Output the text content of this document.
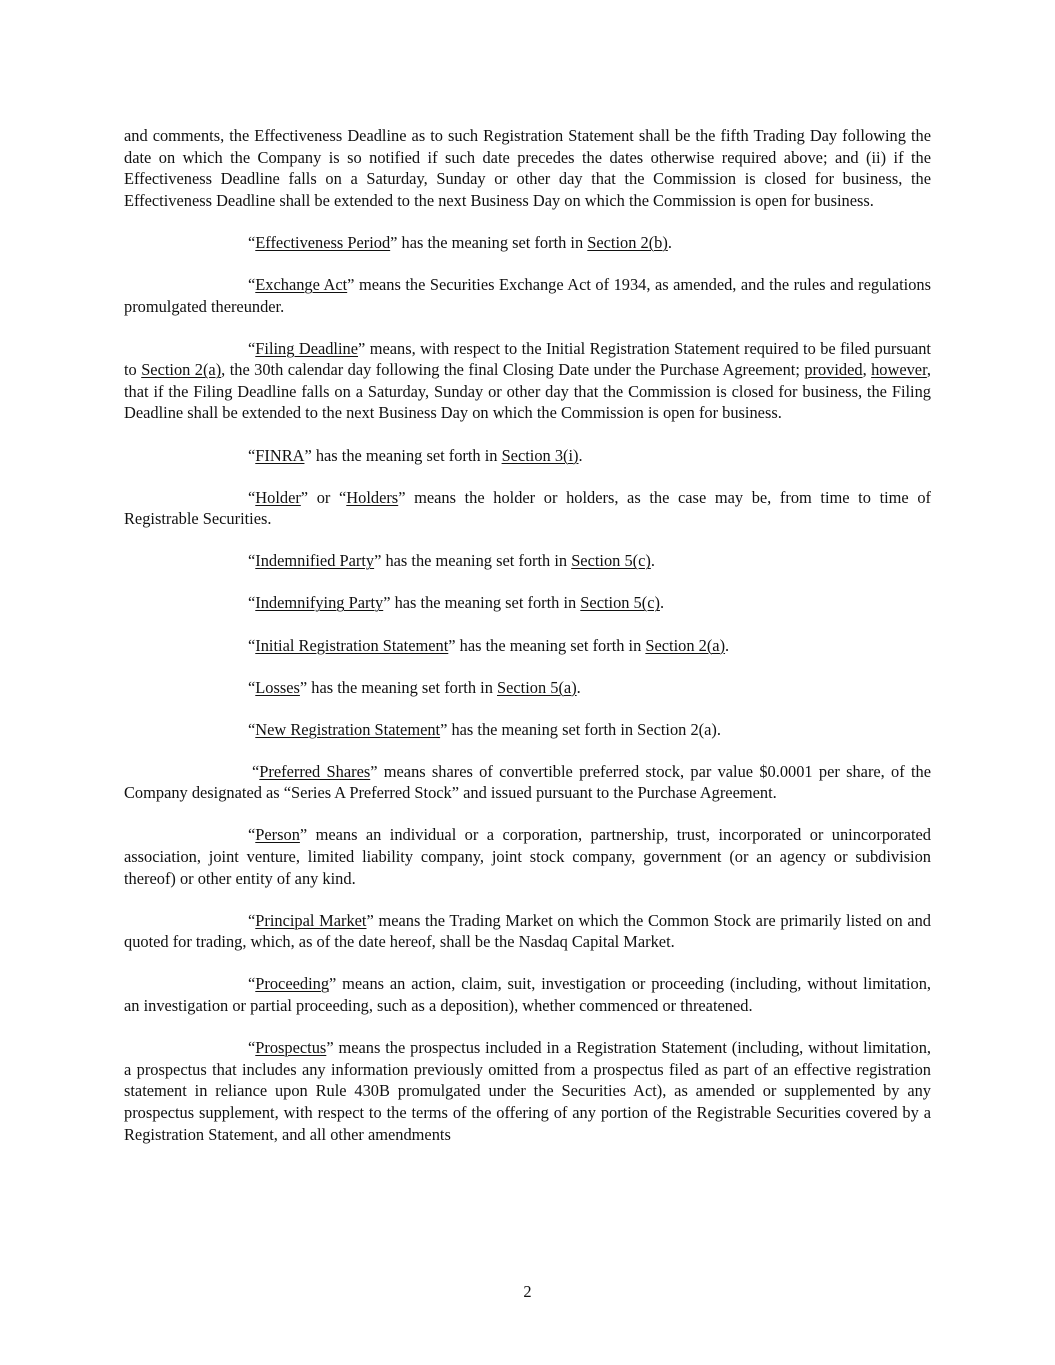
and comments, the Effectiveness Deadline as to such Registration Statement shall be the fifth Trading Day following the date on which the Company is so notified if such date precedes the dates otherwise required above; and (ii) if the Effectiveness Deadline falls on a Saturday, Sunday or other day that the Commission is closed for business, the Effectiveness Deadline shall be extended to the next Business Day on which the Commission is open for business.

“Effectiveness Period” has the meaning set forth in Section 2(b).

“Exchange Act” means the Securities Exchange Act of 1934, as amended, and the rules and regulations promulgated thereunder.

“Filing Deadline” means, with respect to the Initial Registration Statement required to be filed pursuant to Section 2(a), the 30th calendar day following the final Closing Date under the Purchase Agreement; provided, however, that if the Filing Deadline falls on a Saturday, Sunday or other day that the Commission is closed for business, the Filing Deadline shall be extended to the next Business Day on which the Commission is open for business.

“FINRA” has the meaning set forth in Section 3(i).

“Holder” or “Holders” means the holder or holders, as the case may be, from time to time of Registrable Securities.

“Indemnified Party” has the meaning set forth in Section 5(c).

“Indemnifying Party” has the meaning set forth in Section 5(c).

“Initial Registration Statement” has the meaning set forth in Section 2(a).

“Losses” has the meaning set forth in Section 5(a).

“New Registration Statement” has the meaning set forth in Section 2(a).

“Preferred Shares” means shares of convertible preferred stock, par value $0.0001 per share, of the Company designated as “Series A Preferred Stock” and issued pursuant to the Purchase Agreement.

“Person” means an individual or a corporation, partnership, trust, incorporated or unincorporated association, joint venture, limited liability company, joint stock company, government (or an agency or subdivision thereof) or other entity of any kind.

“Principal Market” means the Trading Market on which the Common Stock are primarily listed on and quoted for trading, which, as of the date hereof, shall be the Nasdaq Capital Market.

“Proceeding” means an action, claim, suit, investigation or proceeding (including, without limitation, an investigation or partial proceeding, such as a deposition), whether commenced or threatened.

“Prospectus” means the prospectus included in a Registration Statement (including, without limitation, a prospectus that includes any information previously omitted from a prospectus filed as part of an effective registration statement in reliance upon Rule 430B promulgated under the Securities Act), as amended or supplemented by any prospectus supplement, with respect to the terms of the offering of any portion of the Registrable Securities covered by a Registration Statement, and all other amendments

2
